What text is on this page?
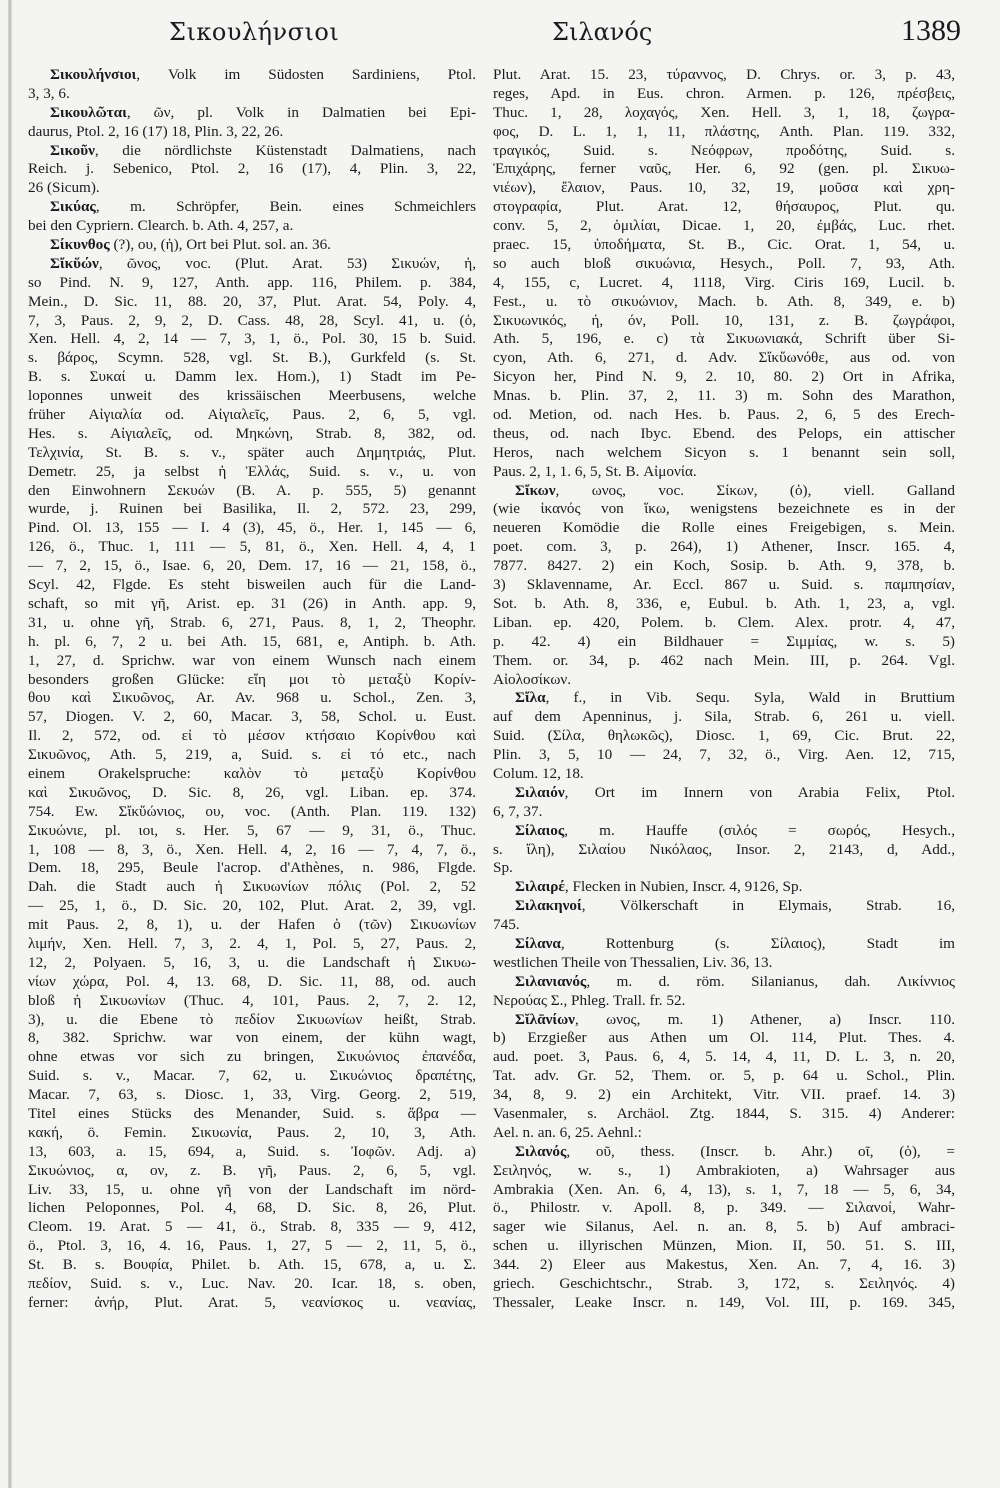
Σικουλήνσιοι	Σιλανός	1389
Σικουλήνσιοι, Volk im Südosten Sardiniens, Ptol.
3, 3, 6.
Σικουλῶται, ῶν, pl. Volk in Dalmatien bei Epi-
daurus, Ptol. 2, 16 (17) 18, Plin. 3, 22, 26.
Σικοῦν, die nördlichste Küstenstadt Dalmatiens, nach
Reich. j. Sebenico, Ptol. 2, 16 (17), 4, Plin. 3, 22,
26 (Sicum).
Σικύας, m. Schröpfer, Bein. eines Schmeichlers
bei den Cypriern. Clearch. b. Ath. 4, 257, a.
Σίκυνθος (?), ου, (ἡ), Ort bei Plut. sol. an. 36.
Σἴκὕών, ῶνος, voc. (Plut. Arat. 53) Σικυών, ἡ,
so Pind. N. 9, 127, Anth. app. 116, Philem. p. 384,
Mein., D. Sic. 11, 88. 20, 37, Plut. Arat. 54, Poly. 4,
7, 3, Paus. 2, 9, 2, D. Cass. 48, 28, Scyl. 41, u. (ὁ,
Xen. Hell. 4, 2, 14 — 7, 3, 1, ö., Pol. 30, 15 b. Suid.
s. βάρος, Scymn. 528, vgl. St. B.), Gurkfeld (s. St.
B. s. Συκαί u. Damm lex. Hom.), 1) Stadt im Pe-
loponnes unweit des krissäischen Meerbusens, welche
früher Αἰγιαλία od. Αἰγιαλεῖς, Paus. 2, 6, 5, vgl.
Hes. s. Αἰγιαλεῖς, od. Μηκώνη, Strab. 8, 382, od.
Τελχινία, St. B. s. v., später auch Δημητριάς, Plut.
Demetr. 25, ja selbst ἡ Ἑλλάς, Suid. s. v., u. von
den Einwohnern Σεκυών (B. A. p. 555, 5) genannt
wurde, j. Ruinen bei Basilika, Il. 2, 572. 23, 299,
Pind. Ol. 13, 155 — I. 4 (3), 45, ö., Her. 1, 145 — 6,
126, ö., Thuc. 1, 111 — 5, 81, ö., Xen. Hell. 4, 4, 1
— 7, 2, 15, ö., Isae. 6, 20, Dem. 17, 16 — 21, 158, ö.,
Scyl. 42, Flgde. Es steht bisweilen auch für die Land-
schaft, so mit γῆ, Arist. ep. 31 (26) in Anth. app. 9,
31, u. ohne γῆ, Strab. 6, 271, Paus. 8, 1, 2, Theophr.
h. pl. 6, 7, 2 u. bei Ath. 15, 681, e, Antiph. b. Ath.
1, 27, d. Sprichw. war von einem Wunsch nach einem
besonders großen Glücke: εἴη μοι τὸ μεταξὺ Κορίν-
θου καὶ Σικυῶνος, Ar. Av. 968 u. Schol., Zen. 3,
57, Diogen. V. 2, 60, Macar. 3, 58, Schol. u. Eust.
Il. 2, 572, od. εἰ τὸ μέσον κτήσαιο Κορίνθου καὶ
Σικυῶνος, Ath. 5, 219, a, Suid. s. εἰ τό etc., nach
einem Orakelspruche: καλὸν τὸ μεταξὺ Κορίνθου
καὶ Σικυῶνος, D. Sic. 8, 26, vgl. Liban. ep. 374.
754. Ew. Σἴκὕώνιος, ου, voc. (Anth. Plan. 119. 132)
Σικυώνιε, pl. ιοι, s. Her. 5, 67 — 9, 31, ö., Thuc.
1, 108 — 8, 3, ö., Xen. Hell. 4, 2, 16 — 7, 4, 7, ö.,
Dem. 18, 295, Beule l'acrop. d'Athènes, n. 986, Flgde.
Dah. die Stadt auch ἡ Σικυωνίων πόλις (Pol. 2, 52
— 25, 1, ö., D. Sic. 20, 102, Plut. Arat. 2, 39, vgl.
mit Paus. 2, 8, 1), u. der Hafen ὁ (τῶν) Σικυωνίων
λιμήν, Xen. Hell. 7, 3, 2. 4, 1, Pol. 5, 27, Paus. 2,
12, 2, Polyaen. 5, 16, 3, u. die Landschaft ἡ Σικυω-
νίων χώρα, Pol. 4, 13. 68, D. Sic. 11, 88, od. auch
bloß ἡ Σικυωνίων (Thuc. 4, 101, Paus. 2, 7, 2. 12,
3), u. die Ebene τὸ πεδίον Σικυωνίων heißt, Strab.
8, 382. Sprichw. war von einem, der kühn wagt,
ohne etwas vor sich zu bringen, Σικυώνιος ἐπανέδα,
Suid. s. v., Macar. 7, 62, u. Σικυώνιος δραπέτης,
Macar. 7, 63, s. Diosc. 1, 33, Virg. Georg. 2, 519,
Titel eines Stücks des Menander, Suid. s. ἅβρα —
κακή, ö. Femin. Σικυωνία, Paus. 2, 10, 3, Ath.
13, 603, a. 15, 694, a, Suid. s. Ἰοφῶν. Adj. a)
Σικυώνιος, α, ον, z. B. γῆ, Paus. 2, 6, 5, vgl.
Liv. 33, 15, u. ohne γῆ von der Landschaft im nörd-
lichen Peloponnes, Pol. 4, 68, D. Sic. 8, 26, Plut.
Cleom. 19. Arat. 5 — 41, ö., Strab. 8, 335 — 9, 412,
ö., Ptol. 3, 16, 4. 16, Paus. 1, 27, 5 — 2, 11, 5, ö.,
St. B. s. Βουφία, Philet. b. Ath. 15, 678, a, u. Σ.
πεδίον, Suid. s. v., Luc. Nav. 20. Icar. 18, s. oben,
ferner: ἀνήρ, Plut. Arat. 5, νεανίσκος u. νεανίας,
Plut. Arat. 15. 23, τύραννος, D. Chrys. or. 3, p. 43,
reges, Apd. in Eus. chron. Armen. p. 126, πρέσβεις,
Thuc. 1, 28, λοχαγός, Xen. Hell. 3, 1, 18, ζωγρα-
φος, D. L. 1, 1, 11, πλάστης, Anth. Plan. 119. 332,
τραγικός, Suid. s. Νεόφρων, προδότης, Suid. s.
Ἐπιχάρης, ferner ναῦς, Her. 6, 92 (gen. pl. Σικυω-
νιέων), ἔλαιον, Paus. 10, 32, 19, μοῦσα καὶ χρη-
στογραφία, Plut. Arat. 12, θήσαυρος, Plut. qu.
conv. 5, 2, ὁμιλίαι, Dicae. 1, 20, ἐμβάς, Luc. rhet.
praec. 15, ὑποδήματα, St. B., Cic. Orat. 1, 54, u.
so auch bloß σικυώνια, Hesych., Poll. 7, 93, Ath.
4, 155, c, Lucret. 4, 1118, Virg. Ciris 169, Lucil. b.
Fest., u. τὸ σικυώνιον, Mach. b. Ath. 8, 349, e. b)
Σικυωνικός, ή, όν, Poll. 10, 131, z. B. ζωγράφοι,
Ath. 5, 196, e. c) τὰ Σικυωνιακά, Schrift über Si-
cyon, Ath. 6, 271, d. Adv. Σἴκὕωνόθε, aus od. von
Sicyon her, Pind N. 9, 2. 10, 80. 2) Ort in Afrika,
Mnas. b. Plin. 37, 2, 11. 3) m. Sohn des Marathon,
od. Metion, od. nach Hes. b. Paus. 2, 6, 5 des Erech-
theus, od. nach Ibyc. Ebend. des Pelops, ein attischer
Heros, nach welchem Sicyon s. 1 benannt sein soll,
Paus. 2, 1, 1. 6, 5, St. B. Αἰμονία.
Σἴκων, ωνος, voc. Σίκων, (ὁ), viell. Galland
(wie ἱκανός von ἵκω, wenigstens bezeichnete es in der
neueren Komödie die Rolle eines Freigebigen, s. Mein.
poet. com. 3, p. 264), 1) Athener, Inscr. 165. 4,
7877. 8427. 2) ein Koch, Sosip. b. Ath. 9, 378, b.
3) Sklavenname, Ar. Eccl. 867 u. Suid. s. παμπησίαν,
Sot. b. Ath. 8, 336, e, Eubul. b. Ath. 1, 23, a, vgl.
Liban. ep. 420, Polem. b. Clem. Alex. protr. 4, 47,
p. 42. 4) ein Bildhauer = Σιμμίας, w. s. 5)
Them. or. 34, p. 462 nach Mein. III, p. 264. Vgl.
Αἰολοσίκων.
Σἴλα, f., in Vib. Sequ. Syla, Wald in Bruttium
auf dem Apenninus, j. Sila, Strab. 6, 261 u. viell.
Suid. (Σίλα, θηλωκῶς), Diosc. 1, 69, Cic. Brut. 22,
Plin. 3, 5, 10 — 24, 7, 32, ö., Virg. Aen. 12, 715,
Colum. 12, 18.
Σιλαιόν, Ort im Innern von Arabia Felix, Ptol.
6, 7, 37.
Σίλαιος, m. Hauffe (σιλός = σωρός, Hesych.,
s. ἴλη), Σιλαίου Νικόλαος, Insor. 2, 2143, d, Add.,
Sp.
Σιλαιρέ, Flecken in Nubien, Inscr. 4, 9126, Sp.
Σιλακηνοί, Völkerschaft in Elymais, Strab. 16,
745.
Σίλανα, Rottenburg (s. Σίλαιος), Stadt im
westlichen Theile von Thessalien, Liv. 36, 13.
Σιλανιανός, m. d. röm. Silanianus, dah. Λικίννιος
Νερούας Σ., Phleg. Trall. fr. 52.
Σῐλᾱνίων, ωνος, m. 1) Athener, a) Inscr. 110.
b) Erzgießer aus Athen um Ol. 114, Plut. Thes. 4.
aud. poet. 3, Paus. 6, 4, 5. 14, 4, 11, D. L. 3, n. 20,
Tat. adv. Gr. 52, Them. or. 5, p. 64 u. Schol., Plin.
34, 8, 9. 2) ein Architekt, Vitr. VII. praef. 14. 3)
Vasenmaler, s. Archäol. Ztg. 1844, S. 315. 4) Anderer:
Ael. n. an. 6, 25. Aehnl.:
Σιλανός, οῦ, thess. (Inscr. b. Ahr.) οῖ, (ὁ), =
Σειληνός, w. s., 1) Ambrakioten, a) Wahrsager aus
Ambrakia (Xen. An. 6, 4, 13), s. 1, 7, 18 — 5, 6, 34,
ö., Philostr. v. Apoll. 8, p. 349. — Σιλανοί, Wahr-
sager wie Silanus, Ael. n. an. 8, 5. b) Auf ambraci-
schen u. illyrischen Münzen, Mion. II, 50. 51. S. III,
344. 2) Eleer aus Makestus, Xen. An. 7, 4, 16. 3)
griech. Geschichtschr., Strab. 3, 172, s. Σειληνός. 4)
Thessaler, Leake Inscr. n. 149, Vol. III, p. 169. 345,
